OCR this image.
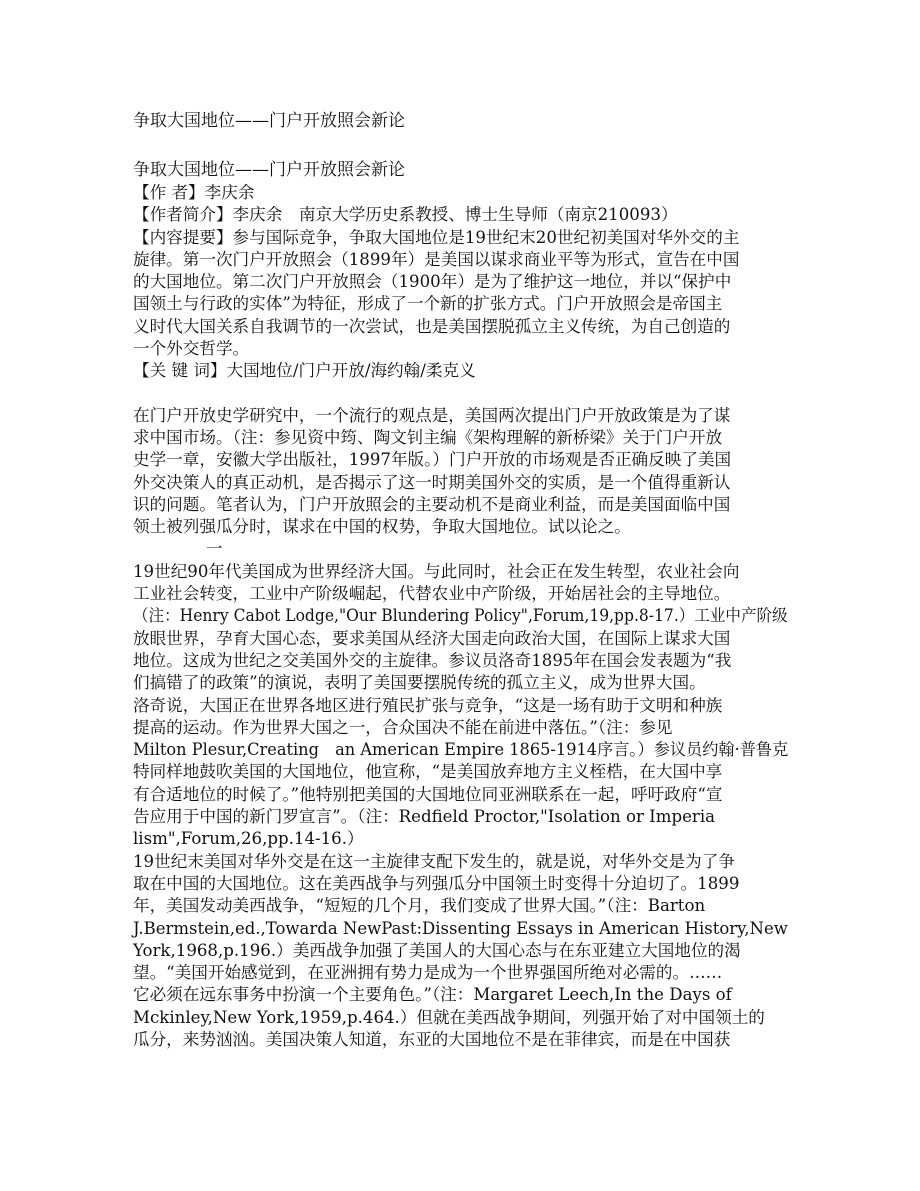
争取大国地位——门户开放照会新论
争取大国地位——门户开放照会新论
【作 者】李庆余
【作者简介】李庆余　南京大学历史系教授、博士生导师（南京210093）
【内容提要】参与国际竞争，争取大国地位是19世纪末20世纪初美国对华外交的主
旋律。第一次门户开放照会（1899年）是美国以谋求商业平等为形式，宣告在中国
的大国地位。第二次门户开放照会（1900年）是为了维护这一地位，并以“保护中
国领土与行政的实体”为特征，形成了一个新的扩张方式。门户开放照会是帝国主
义时代大国关系自我调节的一次尝试，也是美国摆脱孤立主义传统，为自己创造的
一个外交哲学。
【关 键 词】大国地位/门户开放/海约翰/柔克义
在门户开放史学研究中，一个流行的观点是，美国两次提出门户开放政策是为了谋
求中国市场。（注：参见资中筠、陶文钊主编《架构理解的新桥梁》关于门户开放
史学一章，安徽大学出版社，1997年版。）门户开放的市场观是否正确反映了美国
外交决策人的真正动机，是否揭示了这一时期美国外交的实质，是一个值得重新认
识的问题。笔者认为，门户开放照会的主要动机不是商业利益，而是美国面临中国
领土被列强瓜分时，谋求在中国的权势，争取大国地位。试以论之。
一
19世纪90年代美国成为世界经济大国。与此同时，社会正在发生转型，农业社会向
工业社会转变，工业中产阶级崛起，代替农业中产阶级，开始居社会的主导地位。
（注：Henry Cabot Lodge,"Our Blundering Policy",Forum,19,pp.8-17.）工业中产阶级
放眼世界，孕育大国心态，要求美国从经济大国走向政治大国，在国际上谋求大国
地位。这成为世纪之交美国外交的主旋律。参议员洛奇1895年在国会发表题为“我
们搞错了的政策”的演说，表明了美国要摆脱传统的孤立主义，成为世界大国。
洛奇说，大国正在世界各地区进行殖民扩张与竞争，“这是一场有助于文明和种族
提高的运动。作为世界大国之一，合众国决不能在前进中落伍。”（注：参见
Milton Plesur,Creating　an American Empire 1865-1914序言。）参议员约翰·普鲁克
特同样地鼓吹美国的大国地位，他宣称，“是美国放弃地方主义桎梏，在大国中享
有合适地位的时候了。”他特别把美国的大国地位同亚洲联系在一起，呼吁政府“宣
告应用于中国的新门罗宣言”。（注：Redfield Proctor,"Isolation or Imperia
lism",Forum,26,pp.14-16.）
19世纪末美国对华外交是在这一主旋律支配下发生的，就是说，对华外交是为了争
取在中国的大国地位。这在美西战争与列强瓜分中国领土时变得十分迫切了。1899
年，美国发动美西战争，“短短的几个月，我们变成了世界大国。”（注：Barton
J.Bermstein,ed.,Towarda NewPast:Dissenting Essays in American History,New
York,1968,p.196.）美西战争加强了美国人的大国心态与在东亚建立大国地位的渴
望。“美国开始感觉到，在亚洲拥有势力是成为一个世界强国所绝对必需的。……
它必须在远东事务中扮演一个主要角色。”（注：Margaret Leech,In the Days of
Mckinley,New York,1959,p.464.）但就在美西战争期间，列强开始了对中国领土的
瓜分，来势汹汹。美国决策人知道，东亚的大国地位不是在菲律宾，而是在中国获
